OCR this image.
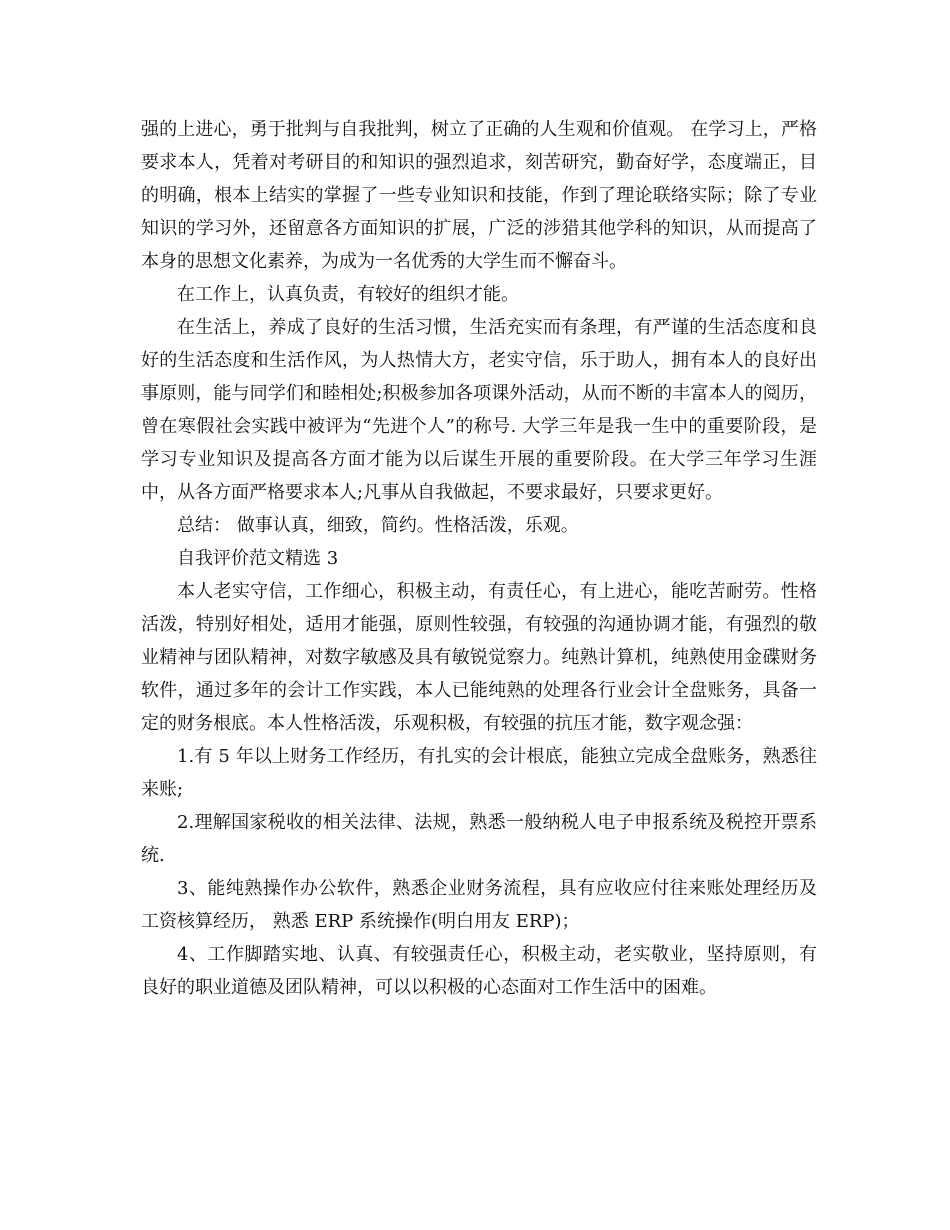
强的上进心，勇于批判与自我批判，树立了正确的人生观和价值观。 在学习上，严格要求本人，凭着对考研目的和知识的强烈追求，刻苦研究，勤奋好学，态度端正，目的明确，根本上结实的掌握了一些专业知识和技能，作到了理论联络实际；除了专业知识的学习外，还留意各方面知识的扩展，广泛的涉猎其他学科的知识，从而提高了本身的思想文化素养，为成为一名优秀的大学生而不懈奋斗。

在工作上，认真负责，有较好的组织才能。

在生活上，养成了良好的生活习惯，生活充实而有条理，有严谨的生活态度和良好的生活态度和生活作风，为人热情大方，老实守信，乐于助人，拥有本人的良好出事原则，能与同学们和睦相处;积极参加各项课外活动，从而不断的丰富本人的阅历，曾在寒假社会实践中被评为“先进个人”的称号. 大学三年是我一生中的重要阶段，是学习专业知识及提高各方面才能为以后谋生开展的重要阶段。在大学三年学习生涯中，从各方面严格要求本人;凡事从自我做起，不要求最好，只要求更好。

总结： 做事认真，细致，简约。性格活泼，乐观。

自我评价范文精选 3

本人老实守信，工作细心，积极主动，有责任心，有上进心，能吃苦耐劳。性格活泼，特别好相处，适用才能强，原则性较强，有较强的沟通协调才能，有强烈的敬业精神与团队精神，对数字敏感及具有敏锐觉察力。纯熟计算机，纯熟使用金碟财务软件，通过多年的会计工作实践，本人已能纯熟的处理各行业会计全盘账务，具备一定的财务根底。本人性格活泼，乐观积极，有较强的抗压才能，数字观念强：

1.有 5 年以上财务工作经历，有扎实的会计根底，能独立完成全盘账务，熟悉往来账;

2.理解国家税收的相关法律、法规，熟悉一般纳税人电子申报系统及税控开票系统.

3、能纯熟操作办公软件，熟悉企业财务流程，具有应收应付往来账处理经历及工资核算经历， 熟悉 ERP 系统操作(明白用友 ERP)；

4、工作脚踏实地、认真、有较强责任心，积极主动，老实敬业，坚持原则，有良好的职业道德及团队精神，可以以积极的心态面对工作生活中的困难。
